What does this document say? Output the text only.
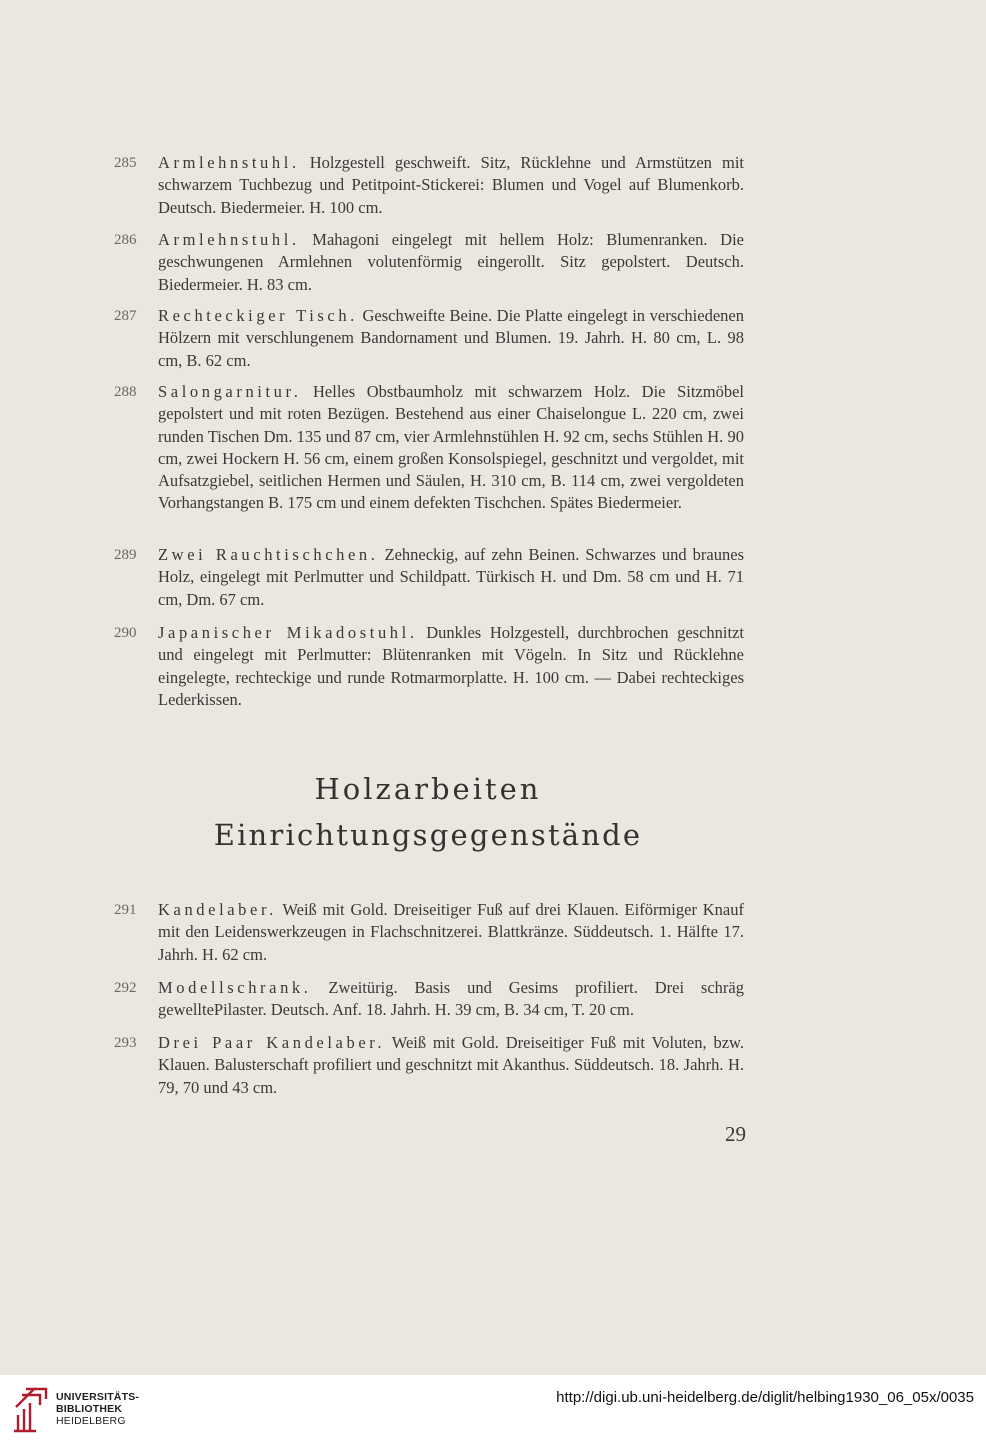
285	Armlehnstuhl. Holzgestell geschweift. Sitz, Rücklehne und Armstützen mit schwarzem Tuchbezug und Petitpoint-Stickerei: Blumen und Vogel auf Blumenkorb. Deutsch. Biedermeier. H. 100 cm.
286	Armlehnstuhl. Mahagoni eingelegt mit hellem Holz: Blumenranken. Die geschwungenen Armlehnen volutenförmig eingerollt. Sitz gepolstert. Deutsch. Biedermeier. H. 83 cm.
287	Rechteckiger Tisch. Geschweifte Beine. Die Platte eingelegt in verschiedenen Hölzern mit verschlungenem Bandornament und Blumen. 19. Jahrh. H. 80 cm, L. 98 cm, B. 62 cm.
288	Salongarnitur. Helles Obstbaumholz mit schwarzem Holz. Die Sitzmöbel gepolstert und mit roten Bezügen. Bestehend aus einer Chaiselongue L. 220 cm, zwei runden Tischen Dm. 135 und 87 cm, vier Armlehnstühlen H. 92 cm, sechs Stühlen H. 90 cm, zwei Hockern H. 56 cm, einem großen Konsolspiegel, geschnitzt und vergoldet, mit Aufsatzgiebel, seitlichen Hermen und Säulen, H. 310 cm, B. 114 cm, zwei vergoldeten Vorhangstangen B. 175 cm und einem defekten Tischchen. Spätes Biedermeier.
289	Zwei Rauchtischchen. Zehneckig, auf zehn Beinen. Schwarzes und braunes Holz, eingelegt mit Perlmutter und Schildpatt. Türkisch H. und Dm. 58 cm und H. 71 cm, Dm. 67 cm.
290	Japanischer Mikadostuhl. Dunkles Holzgestell, durchbrochen geschnitzt und eingelegt mit Perlmutter: Blütenranken mit Vögeln. In Sitz und Rücklehne eingelegte, rechteckige und runde Rotmarmorplatte. H. 100 cm. — Dabei rechteckiges Lederkissen.
Holzarbeiten
Einrichtungsgegenstände
291	Kandelaber. Weiß mit Gold. Dreiseitiger Fuß auf drei Klauen. Eiförmiger Knauf mit den Leidenswerkzeugen in Flachschnitzerei. Blattkränze. Süddeutsch. 1. Hälfte 17. Jahrh. H. 62 cm.
292	Modellschrank. Zweitürig. Basis und Gesims profiliert. Drei schräg gewelltePilaster. Deutsch. Anf. 18. Jahrh. H. 39 cm, B. 34 cm, T. 20 cm.
293	Drei Paar Kandelaber. Weiß mit Gold. Dreiseitiger Fuß mit Voluten, bzw. Klauen. Balusterschaft profiliert und geschnitzt mit Akanthus. Süddeutsch. 18. Jahrh. H. 79, 70 und 43 cm.
29
UNIVERSITÄTS-
BIBLIOTHEK
HEIDELBERG
http://digi.ub.uni-heidelberg.de/diglit/helbing1930_06_05x/0035
